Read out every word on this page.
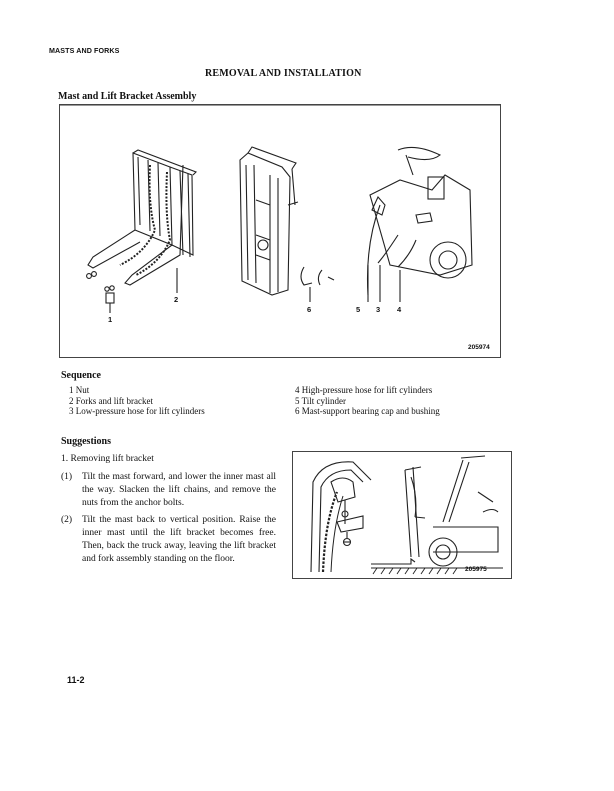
MASTS AND FORKS
REMOVAL AND INSTALLATION
Mast and Lift Bracket Assembly
1
2
6	5 3 4
205974
Sequence
1 Nut
2 Forks and lift bracket
3 Low-pressure hose for lift cylinders
4 High-pressure hose for lift cylinders
5 Tilt cylinder
6 Mast-support bearing cap and bushing
Suggestions
1. Removing lift bracket
(1) Tilt the mast forward, and lower the inner mast all the way. Slacken the lift chains, and remove the nuts from the anchor bolts.
(2) Tilt the mast back to vertical position. Raise the inner mast until the lift bracket becomes free. Then, back the truck away, leaving the lift bracket and fork assembly standing on the floor.
205975
11-2
